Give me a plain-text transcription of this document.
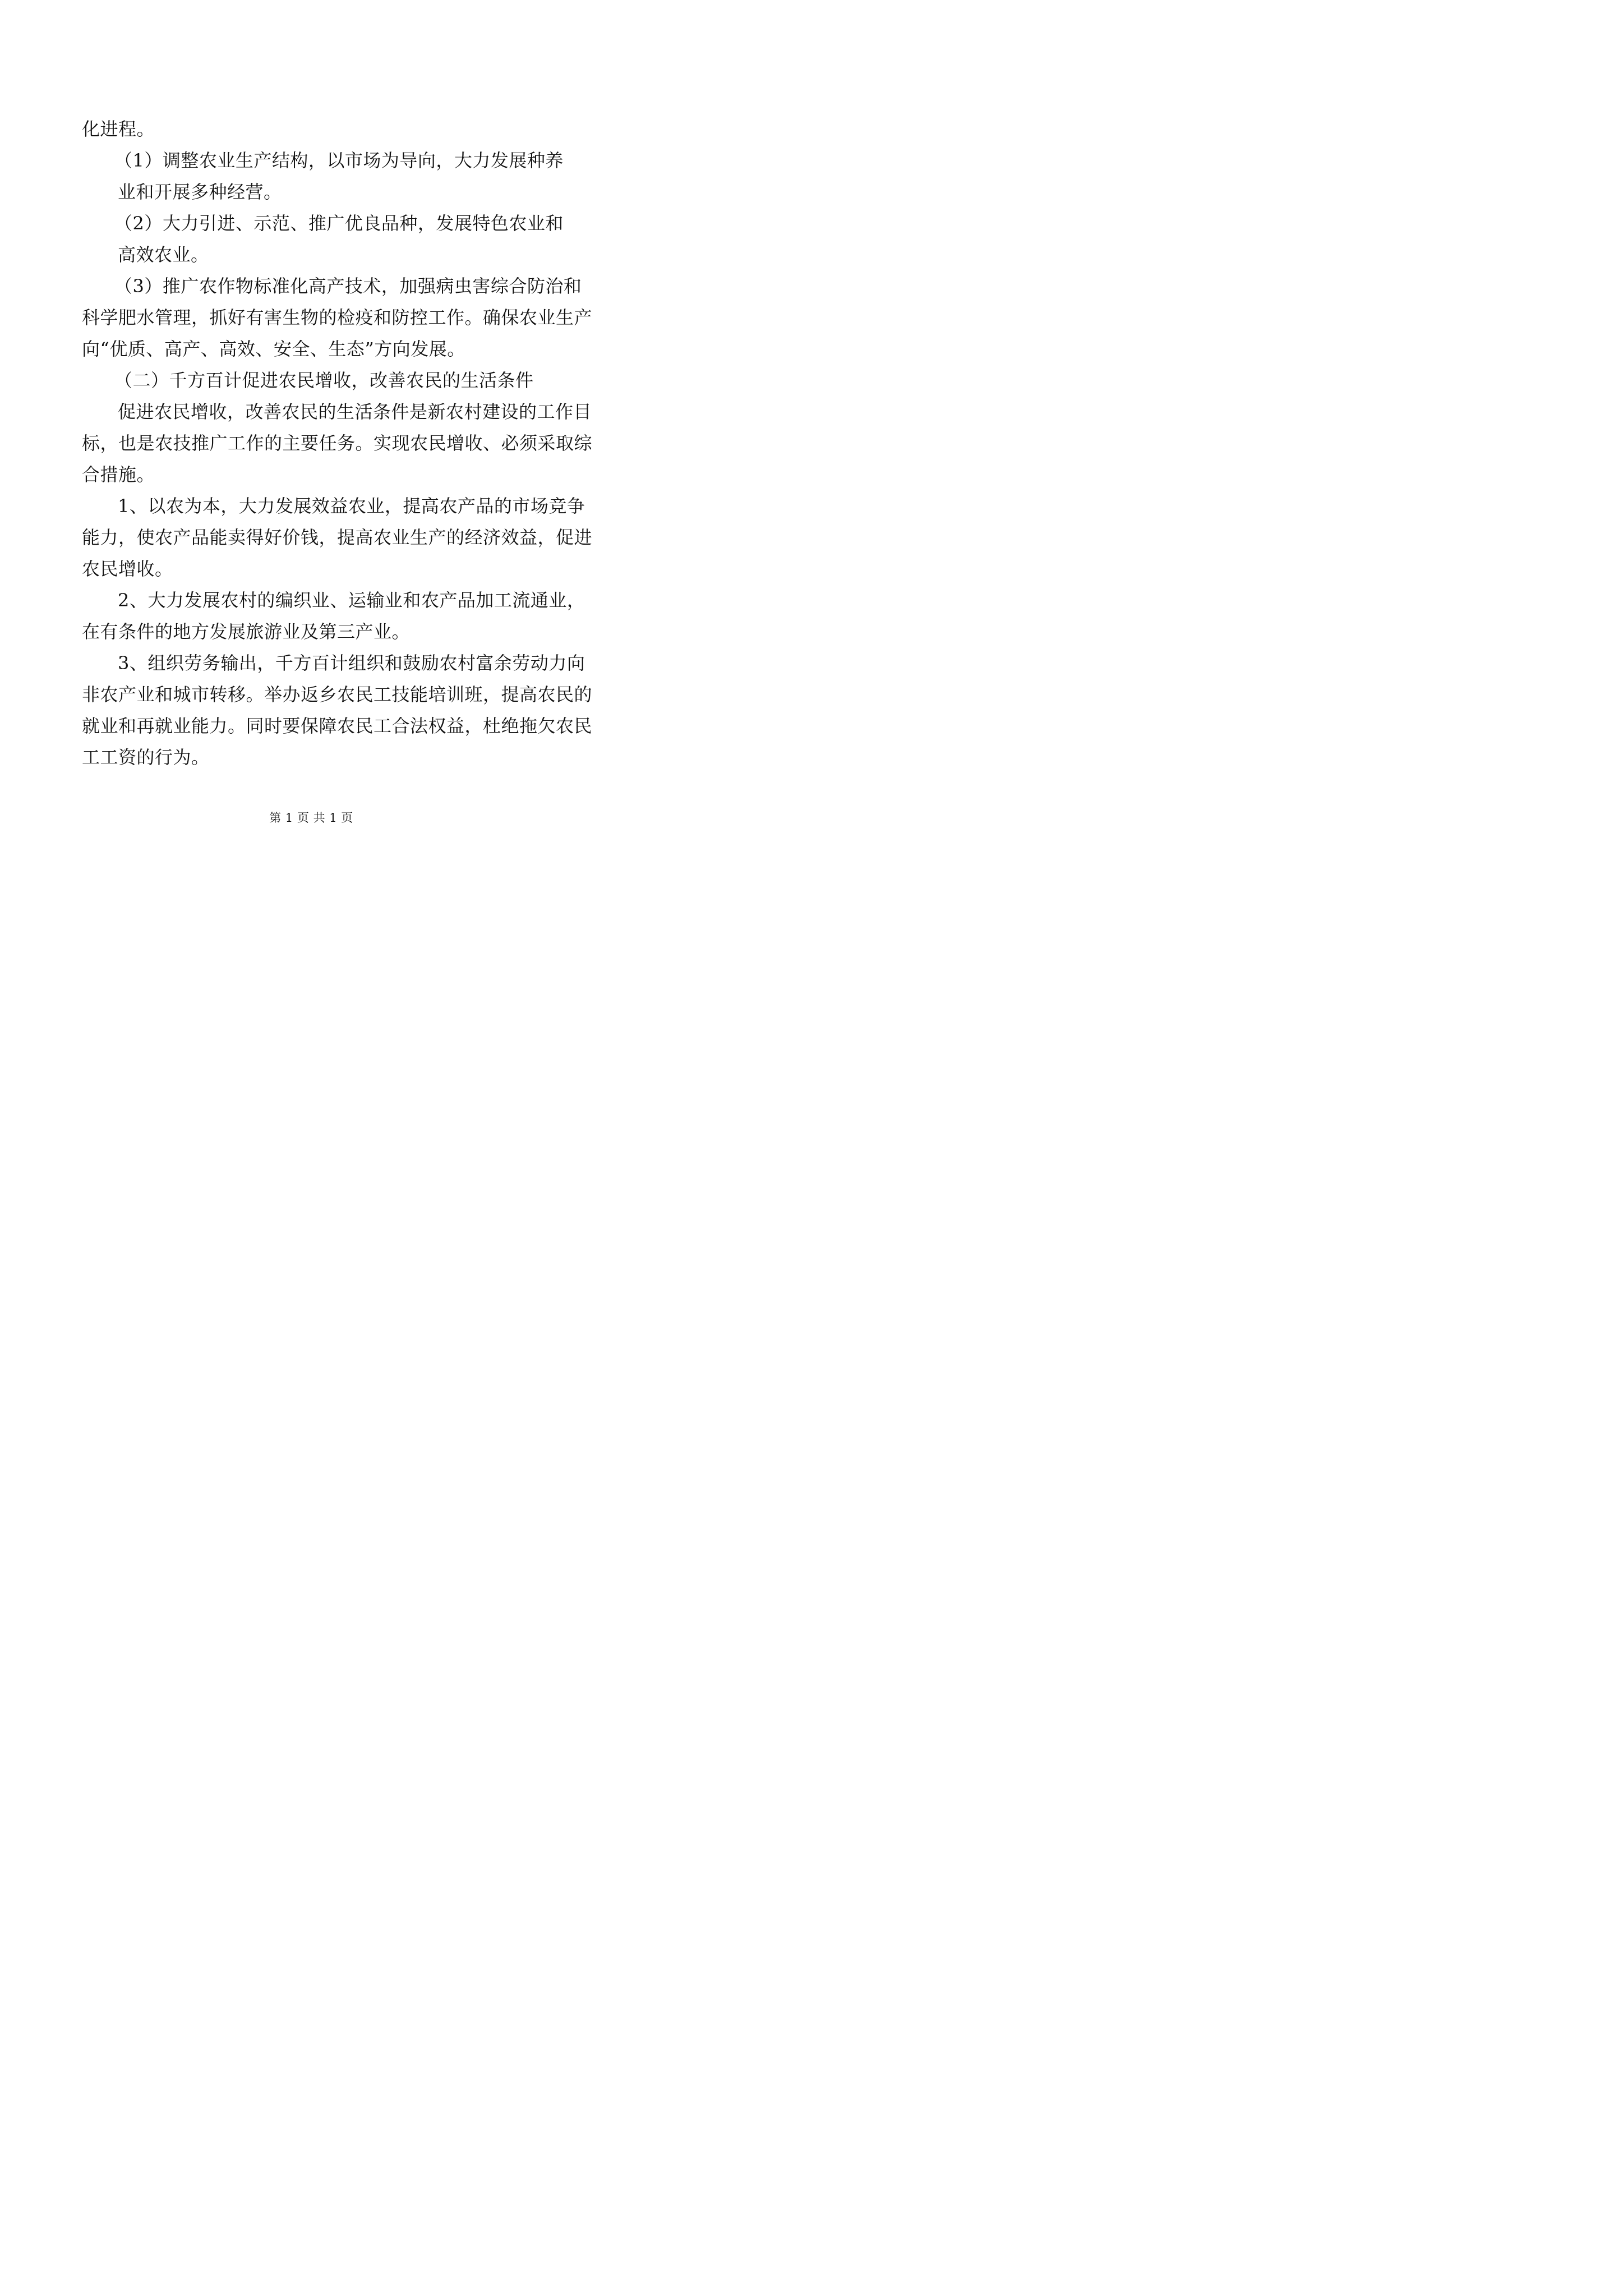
化进程。
（1）调整农业生产结构，以市场为导向，大力发展种养
业和开展多种经营。
（2）大力引进、示范、推广优良品种，发展特色农业和
高效农业。
（3）推广农作物标准化高产技术，加强病虫害综合防治和
科学肥水管理，抓好有害生物的检疫和防控工作。确保农业生产
向“优质、高产、高效、安全、生态”方向发展。
（二）千方百计促进农民增收，改善农民的生活条件
促进农民增收，改善农民的生活条件是新农村建设的工作目
标，也是农技推广工作的主要任务。实现农民增收、必须采取综
合措施。
1、以农为本，大力发展效益农业，提高农产品的市场竞争
能力，使农产品能卖得好价钱，提高农业生产的经济效益，促进
农民增收。
2、大力发展农村的编织业、运输业和农产品加工流通业，
在有条件的地方发展旅游业及第三产业。
3、组织劳务输出，千方百计组织和鼓励农村富余劳动力向
非农产业和城市转移。举办返乡农民工技能培训班，提高农民的
就业和再就业能力。同时要保障农民工合法权益，杜绝拖欠农民
工工资的行为。
第 1 页 共 1 页
